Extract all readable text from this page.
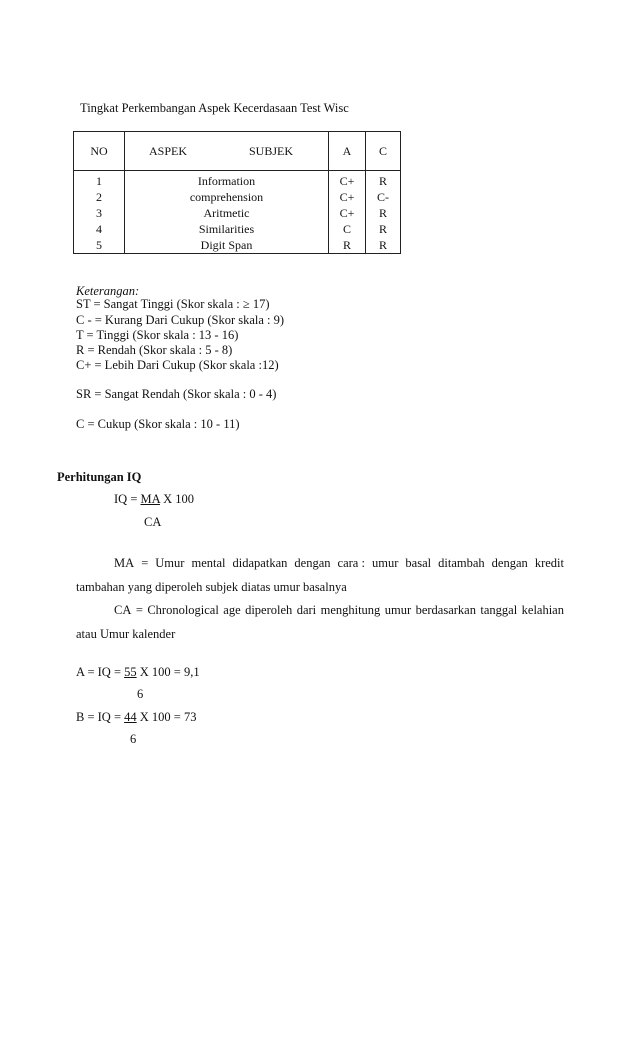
Tingkat Perkembangan Aspek Kecerdasaan Test Wisc
NO	ASPEK SUBJEK	A	C
1	Information	C+	R
2	comprehension	C+	C-
3	Aritmetic	C+	R
4	Similarities	C	R
5	Digit Span	R	R
Keterangan:
ST = Sangat Tinggi (Skor skala : ≥ 17)
C - = Kurang Dari Cukup (Skor skala : 9)
T = Tinggi (Skor skala : 13 - 16)
R = Rendah (Skor skala : 5 - 8)
C+ = Lebih Dari Cukup (Skor skala :12)
SR = Sangat Rendah (Skor skala : 0 - 4)
C = Cukup (Skor skala : 10 - 11)
Perhitungan IQ
IQ = MA X 100
CA
MA = Umur mental didapatkan dengan cara : umur basal ditambah dengan kredit
tambahan yang diperoleh subjek diatas umur basalnya
CA = Chronological age diperoleh dari menghitung umur berdasarkan tanggal kelahian
atau Umur kalender
A = IQ = 55 X 100 = 9,1
6
B = IQ = 44 X 100 = 73
6
